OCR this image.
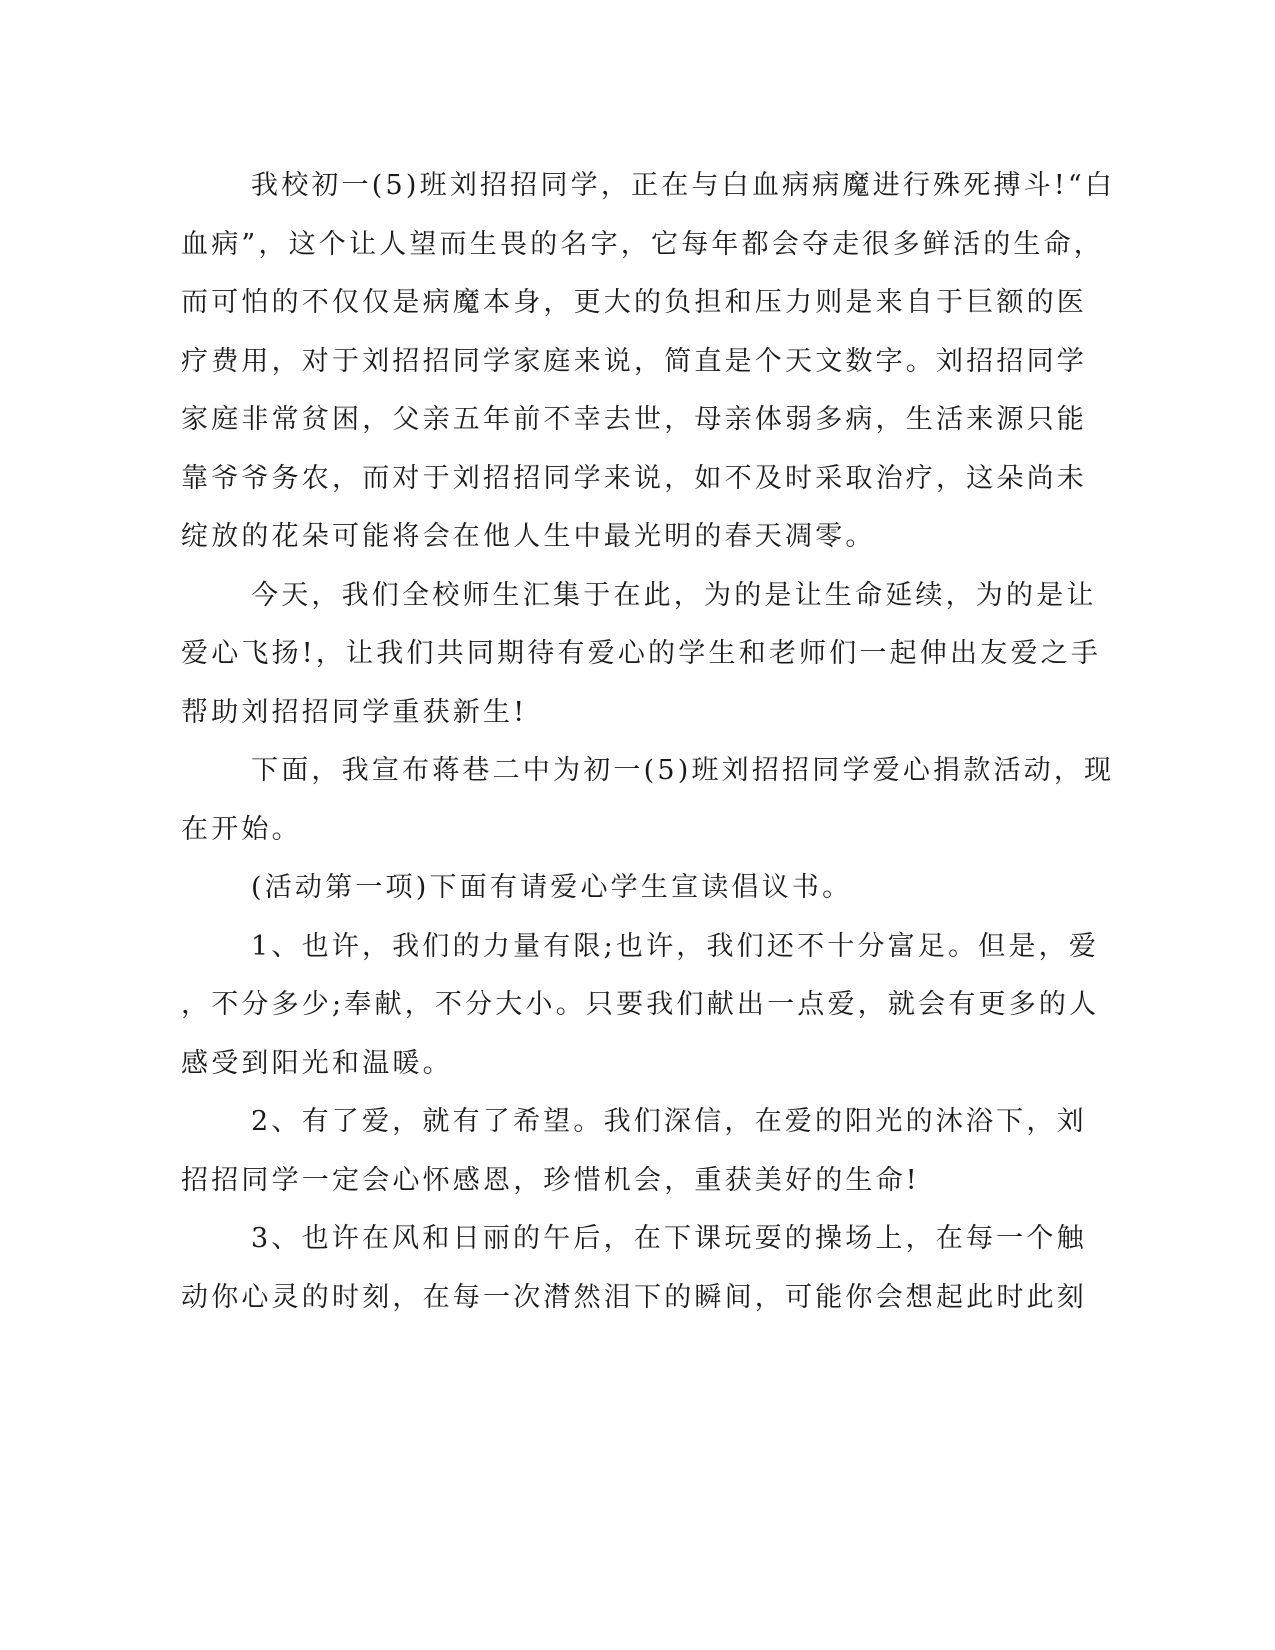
我校初一(5)班刘招招同学，正在与白血病病魔进行殊死搏斗!“白
血病”，这个让人望而生畏的名字，它每年都会夺走很多鲜活的生命，
而可怕的不仅仅是病魔本身，更大的负担和压力则是来自于巨额的医
疗费用，对于刘招招同学家庭来说，简直是个天文数字。刘招招同学
家庭非常贫困，父亲五年前不幸去世，母亲体弱多病，生活来源只能
靠爷爷务农，而对于刘招招同学来说，如不及时采取治疗，这朵尚未
绽放的花朵可能将会在他人生中最光明的春天凋零。

今天，我们全校师生汇集于在此，为的是让生命延续，为的是让
爱心飞扬!，让我们共同期待有爱心的学生和老师们一起伸出友爱之手
帮助刘招招同学重获新生!

下面，我宣布蒋巷二中为初一(5)班刘招招同学爱心捐款活动，现
在开始。

(活动第一项)下面有请爱心学生宣读倡议书。

1、也许，我们的力量有限;也许，我们还不十分富足。但是，爱
，不分多少;奉献，不分大小。只要我们献出一点爱，就会有更多的人
感受到阳光和温暖。

2、有了爱，就有了希望。我们深信，在爱的阳光的沐浴下，刘
招招同学一定会心怀感恩，珍惜机会，重获美好的生命!

3、也许在风和日丽的午后，在下课玩耍的操场上，在每一个触
动你心灵的时刻，在每一次潸然泪下的瞬间，可能你会想起此时此刻
